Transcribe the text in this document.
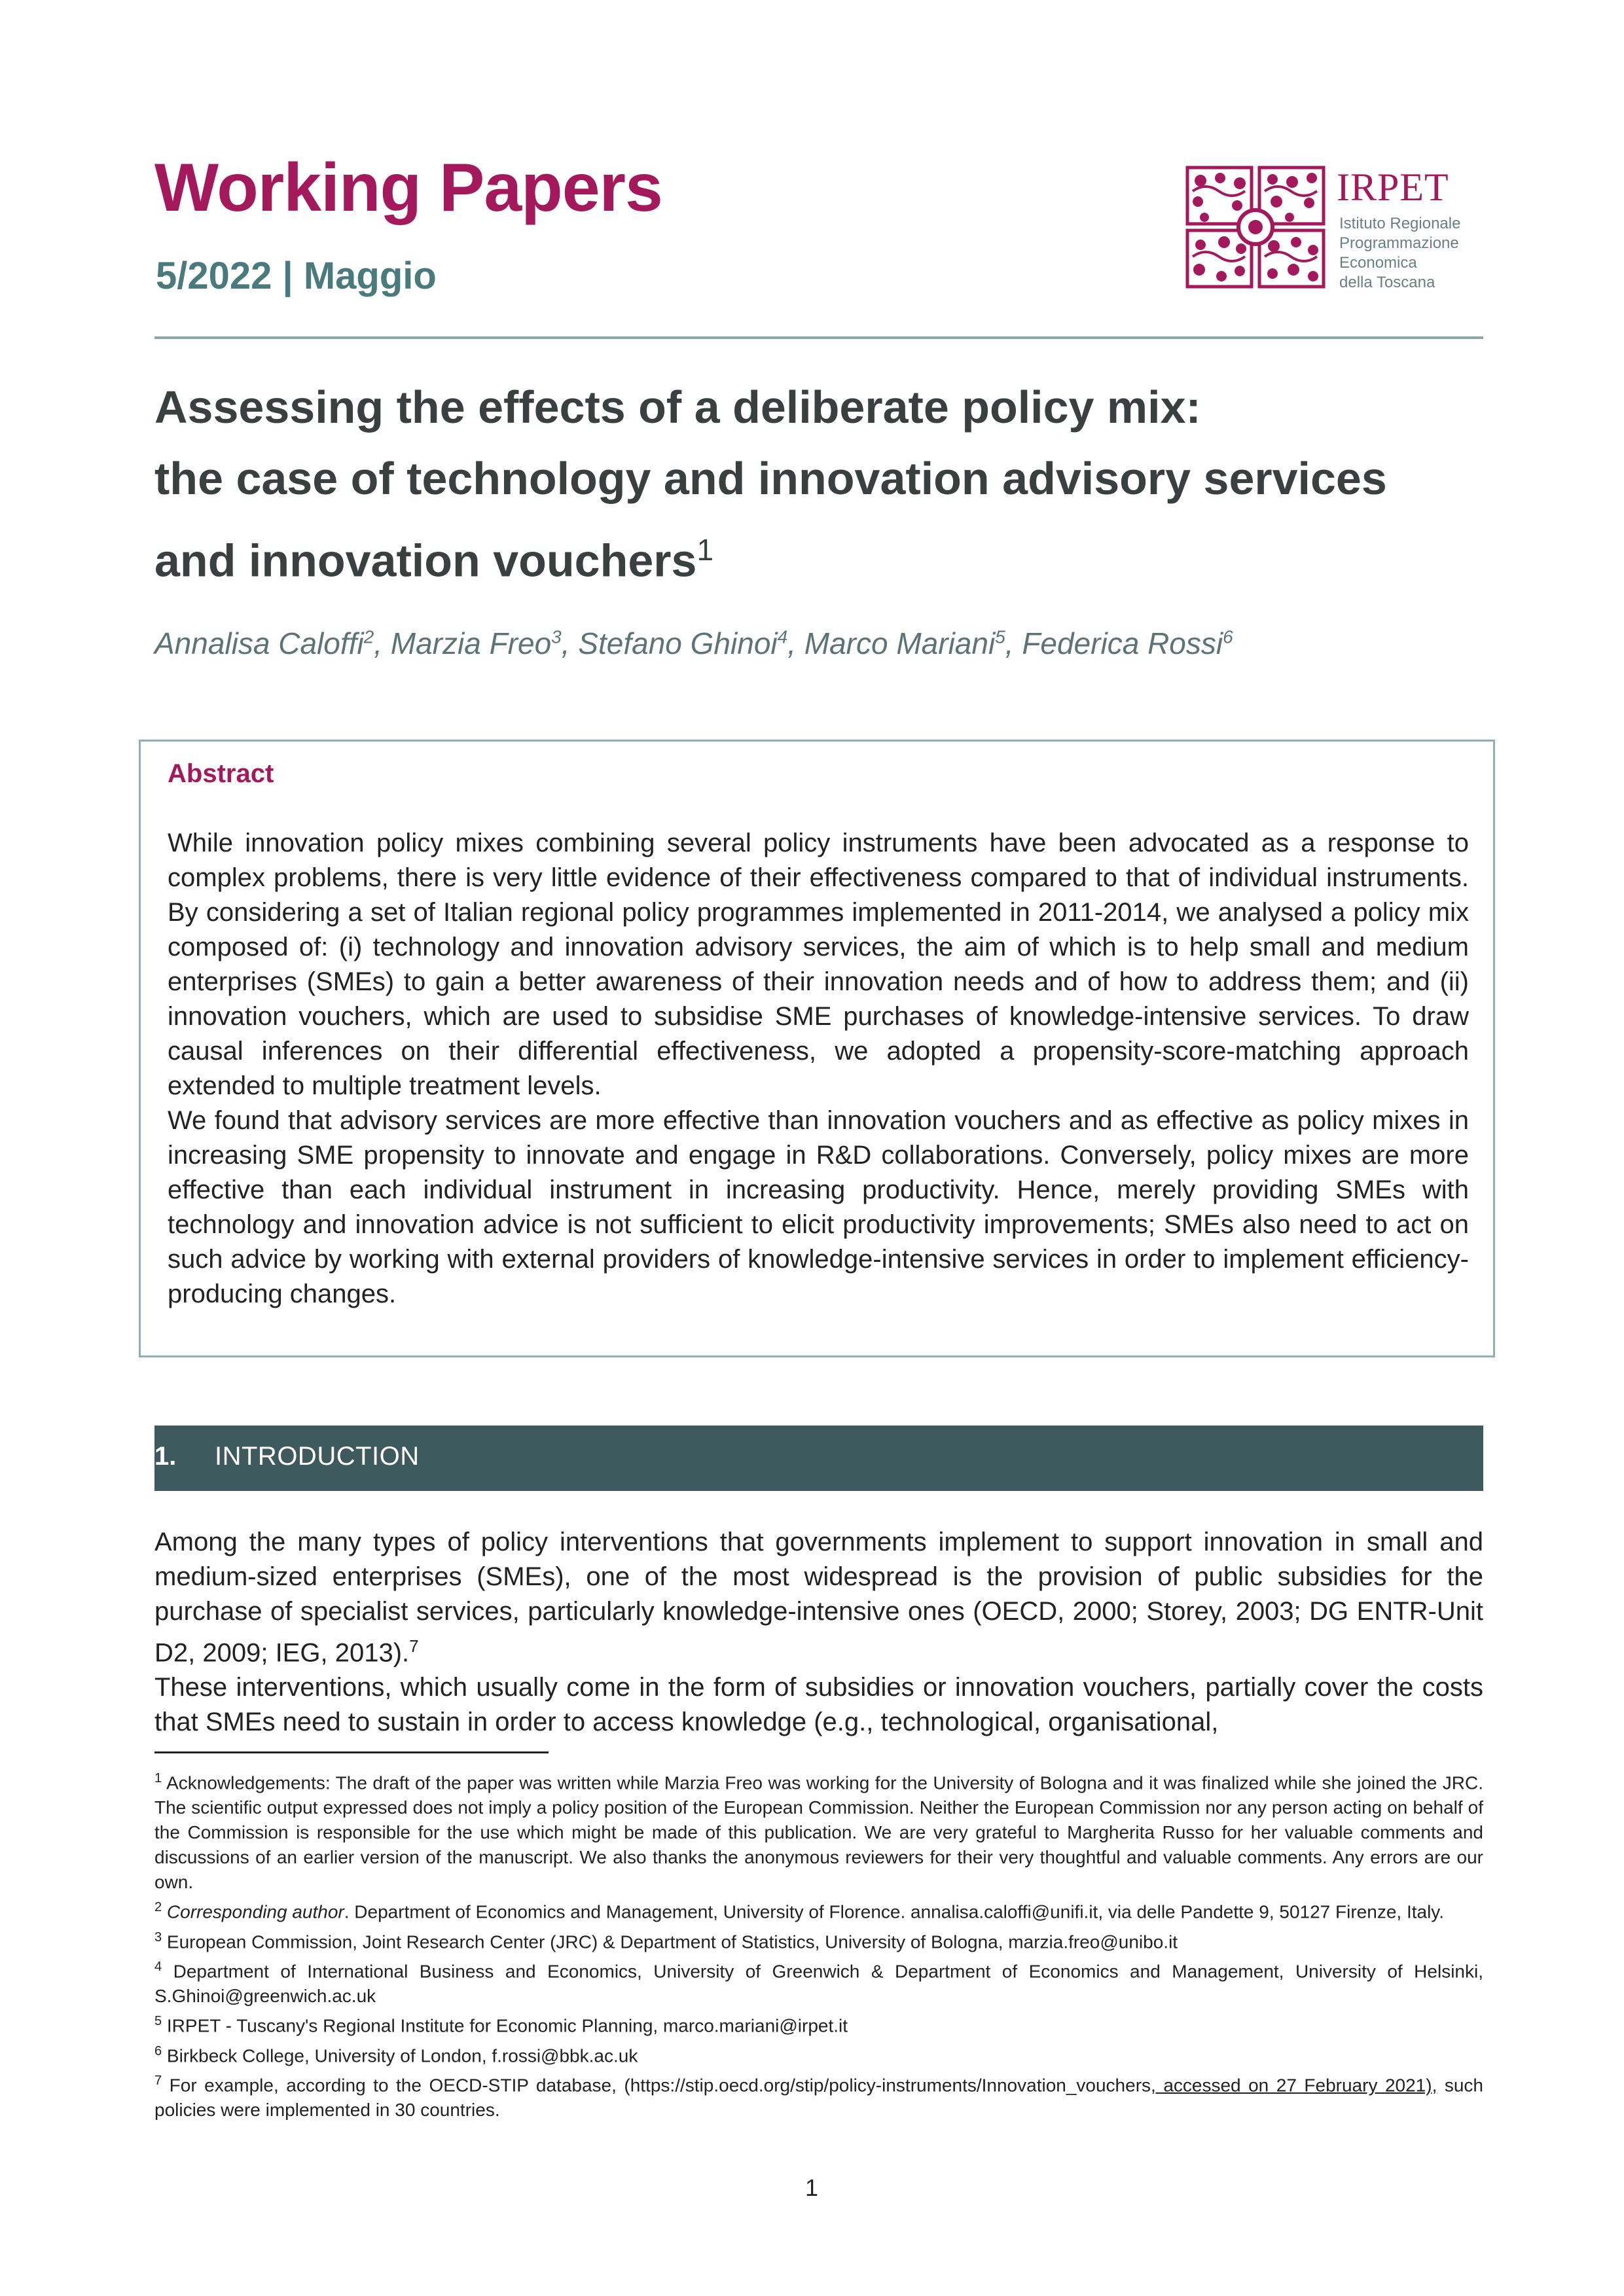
Working Papers
5/2022 | Maggio
IRPET
Istituto Regionale
Programmazione
Economica
della Toscana
Assessing the effects of a deliberate policy mix:
the case of technology and innovation advisory services
and innovation vouchers$^1$
Annalisa Caloffi$^2$, Marzia Freo$^3$, Stefano Ghinoi$^4$, Marco Mariani$^5$, Federica Rossi$^6$
Abstract

While innovation policy mixes combining several policy instruments have been advocated as a response to complex problems, there is very little evidence of their effectiveness compared to that of individual instruments. By considering a set of Italian regional policy programmes implemented in 2011-2014, we analysed a policy mix composed of: (i) technology and innovation advisory services, the aim of which is to help small and medium enterprises (SMEs) to gain a better awareness of their innovation needs and of how to address them; and (ii) innovation vouchers, which are used to subsidise SME purchases of knowledge-intensive services. To draw causal inferences on their differential effectiveness, we adopted a propensity-score-matching approach extended to multiple treatment levels.

We found that advisory services are more effective than innovation vouchers and as effective as policy mixes in increasing SME propensity to innovate and engage in R&D collaborations. Conversely, policy mixes are more effective than each individual instrument in increasing productivity. Hence, merely providing SMEs with technology and innovation advice is not sufficient to elicit productivity improvements; SMEs also need to act on such advice by working with external providers of knowledge-intensive services in order to implement efficiency-producing changes.

1. INTRODUCTION

Among the many types of policy interventions that governments implement to support innovation in small and medium-sized enterprises (SMEs), one of the most widespread is the provision of public subsidies for the purchase of specialist services, particularly knowledge-intensive ones (OECD, 2000; Storey, 2003; DG ENTR-Unit D2, 2009; IEG, 2013).$^7$

These interventions, which usually come in the form of subsidies or innovation vouchers, partially cover the costs that SMEs need to sustain in order to access knowledge (e.g., technological, organisational,

$^1$ Acknowledgements: The draft of the paper was written while Marzia Freo was working for the University of Bologna and it was finalized while she joined the JRC. The scientific output expressed does not imply a policy position of the European Commission. Neither the European Commission nor any person acting on behalf of the Commission is responsible for the use which might be made of this publication. We are very grateful to Margherita Russo for her valuable comments and discussions of an earlier version of the manuscript. We also thanks the anonymous reviewers for their very thoughtful and valuable comments. Any errors are our own.

$^2$ Corresponding author. Department of Economics and Management, University of Florence. annalisa.caloffi@unifi.it, via delle Pandette 9, 50127 Firenze, Italy.

$^3$ European Commission, Joint Research Center (JRC) & Department of Statistics, University of Bologna, marzia.freo@unibo.it

$^4$ Department of International Business and Economics, University of Greenwich & Department of Economics and Management, University of Helsinki, S.Ghinoi@greenwich.ac.uk

$^5$ IRPET - Tuscany's Regional Institute for Economic Planning, marco.mariani@irpet.it

$^6$ Birkbeck College, University of London, f.rossi@bbk.ac.uk

$^7$ For example, according to the OECD-STIP database, (https://stip.oecd.org/stip/policy-instruments/Innovation_vouchers, accessed on 27 February 2021), such policies were implemented in 30 countries.

1
